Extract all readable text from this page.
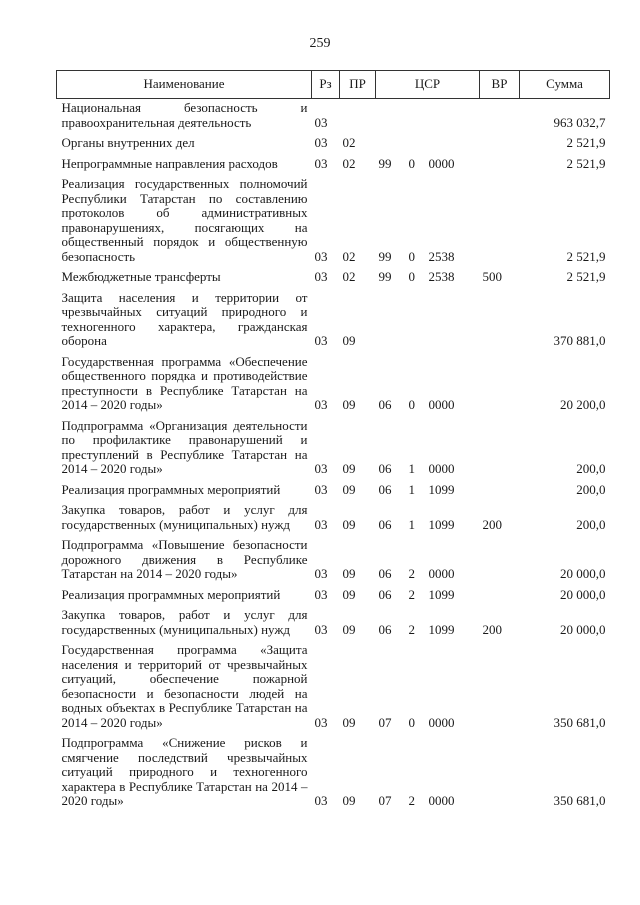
259
Наименование	Рз	ПР	ЦСР			ВР	Сумма
Национальная безопасность и правоохранительная деятельность	03						963 032,7
Органы внутренних дел	03	02					2 521,9
Непрограммные направления расходов	03	02	99	0	0000		2 521,9
Реализация государственных полномочий Республики Татарстан по составлению протоколов об административных правонарушениях, посягающих на общественный порядок и общественную безопасность	03	02	99	0	2538		2 521,9
Межбюджетные трансферты	03	02	99	0	2538	500	2 521,9
Защита населения и территории от чрезвычайных ситуаций природного и техногенного характера, гражданская оборона	03	09					370 881,0
Государственная программа «Обеспечение общественного порядка и противодействие преступности в Республике Татарстан на 2014 – 2020 годы»	03	09	06	0	0000		20 200,0
Подпрограмма «Организация деятельности по профилактике правонарушений и преступлений в Республике Татарстан на 2014 – 2020 годы»	03	09	06	1	0000		200,0
Реализация программных мероприятий	03	09	06	1	1099		200,0
Закупка товаров, работ и услуг для государственных (муниципальных) нужд	03	09	06	1	1099	200	200,0
Подпрограмма «Повышение безопасности дорожного движения в Республике Татарстан на 2014 – 2020 годы»	03	09	06	2	0000		20 000,0
Реализация программных мероприятий	03	09	06	2	1099		20 000,0
Закупка товаров, работ и услуг для государственных (муниципальных) нужд	03	09	06	2	1099	200	20 000,0
Государственная программа «Защита населения и территорий от чрезвычайных ситуаций, обеспечение пожарной безопасности и безопасности людей на водных объектах в Республике Татарстан на 2014 – 2020 годы»	03	09	07	0	0000		350 681,0
Подпрограмма «Снижение рисков и смягчение последствий чрезвычайных ситуаций природного и техногенного характера в Республике Татарстан на 2014 – 2020 годы»	03	09	07	2	0000		350 681,0
